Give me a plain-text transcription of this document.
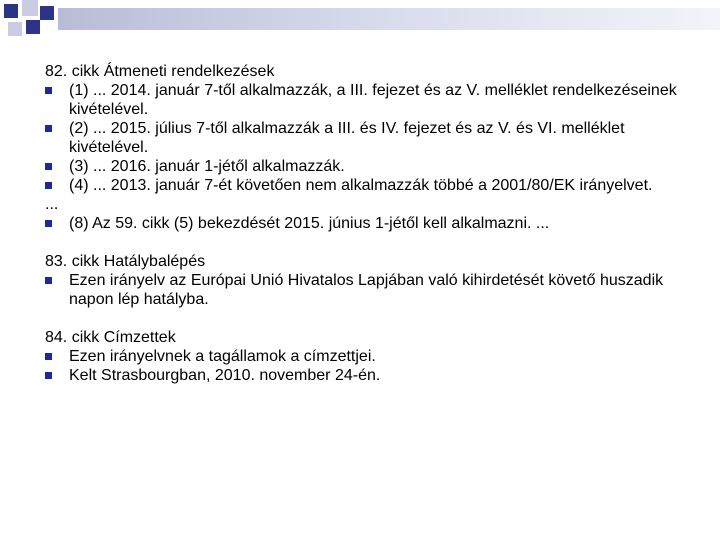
82. cikk Átmeneti rendelkezések

(1) ... 2014. január 7-től alkalmazzák, a III. fejezet és az V. melléklet rendelkezéseinek kivételével.
(2) ... 2015. július 7-től alkalmazzák a III. és IV. fejezet és az V. és VI. melléklet kivételével.
(3) ... 2016. január 1-jétől alkalmazzák.
(4) ... 2013. január 7-ét követően nem alkalmazzák többé a 2001/80/EK irányelvet.

...

(8) Az 59. cikk (5) bekezdését 2015. június 1-jétől kell alkalmazni. ...

83. cikk Hatálybalépés

Ezen irányelv az Európai Unió Hivatalos Lapjában való kihirdetését követő huszadik napon lép hatályba.

84. cikk Címzettek

Ezen irányelvnek a tagállamok a címzettjei.
Kelt Strasbourgban, 2010. november 24-én.
